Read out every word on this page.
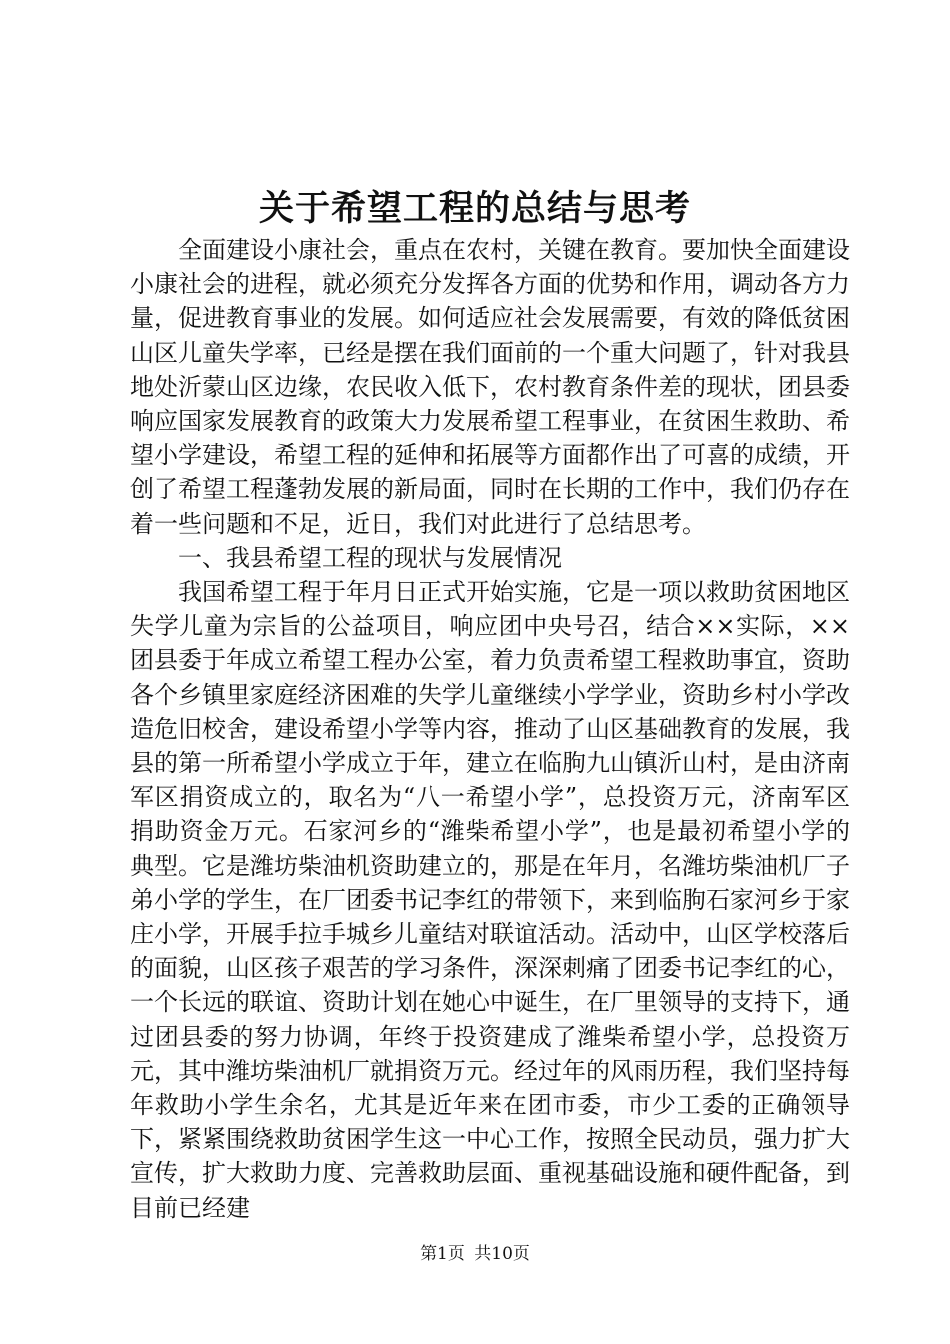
关于希望工程的总结与思考

全面建设小康社会，重点在农村，关键在教育。要加快全面建设小康社会的进程，就必须充分发挥各方面的优势和作用，调动各方力量，促进教育事业的发展。如何适应社会发展需要，有效的降低贫困山区儿童失学率，已经是摆在我们面前的一个重大问题了，针对我县地处沂蒙山区边缘，农民收入低下，农村教育条件差的现状，团县委响应国家发展教育的政策大力发展希望工程事业，在贫困生救助、希望小学建设，希望工程的延伸和拓展等方面都作出了可喜的成绩，开创了希望工程蓬勃发展的新局面，同时在长期的工作中，我们仍存在着一些问题和不足，近日，我们对此进行了总结思考。

一、我县希望工程的现状与发展情况

我国希望工程于年月日正式开始实施，它是一项以救助贫困地区失学儿童为宗旨的公益项目，响应团中央号召，结合××实际，××团县委于年成立希望工程办公室，着力负责希望工程救助事宜，资助各个乡镇里家庭经济困难的失学儿童继续小学学业，资助乡村小学改造危旧校舍，建设希望小学等内容，推动了山区基础教育的发展，我县的第一所希望小学成立于年，建立在临朐九山镇沂山村，是由济南军区捐资成立的，取名为“八一希望小学”，总投资万元，济南军区捐助资金万元。石家河乡的“潍柴希望小学”，也是最初希望小学的典型。它是潍坊柴油机资助建立的，那是在年月，名潍坊柴油机厂子弟小学的学生，在厂团委书记李红的带领下，来到临朐石家河乡于家庄小学，开展手拉手城乡儿童结对联谊活动。活动中，山区学校落后的面貌，山区孩子艰苦的学习条件，深深刺痛了团委书记李红的心，一个长远的联谊、资助计划在她心中诞生，在厂里领导的支持下，通过团县委的努力协调，年终于投资建成了潍柴希望小学，总投资万元，其中潍坊柴油机厂就捐资万元。经过年的风雨历程，我们坚持每年救助小学生余名，尤其是近年来在团市委，市少工委的正确领导下，紧紧围绕救助贫困学生这一中心工作，按照全民动员，强力扩大宣传，扩大救助力度、完善救助层面、重视基础设施和硬件配备，到目前已经建

第1页 共10页
